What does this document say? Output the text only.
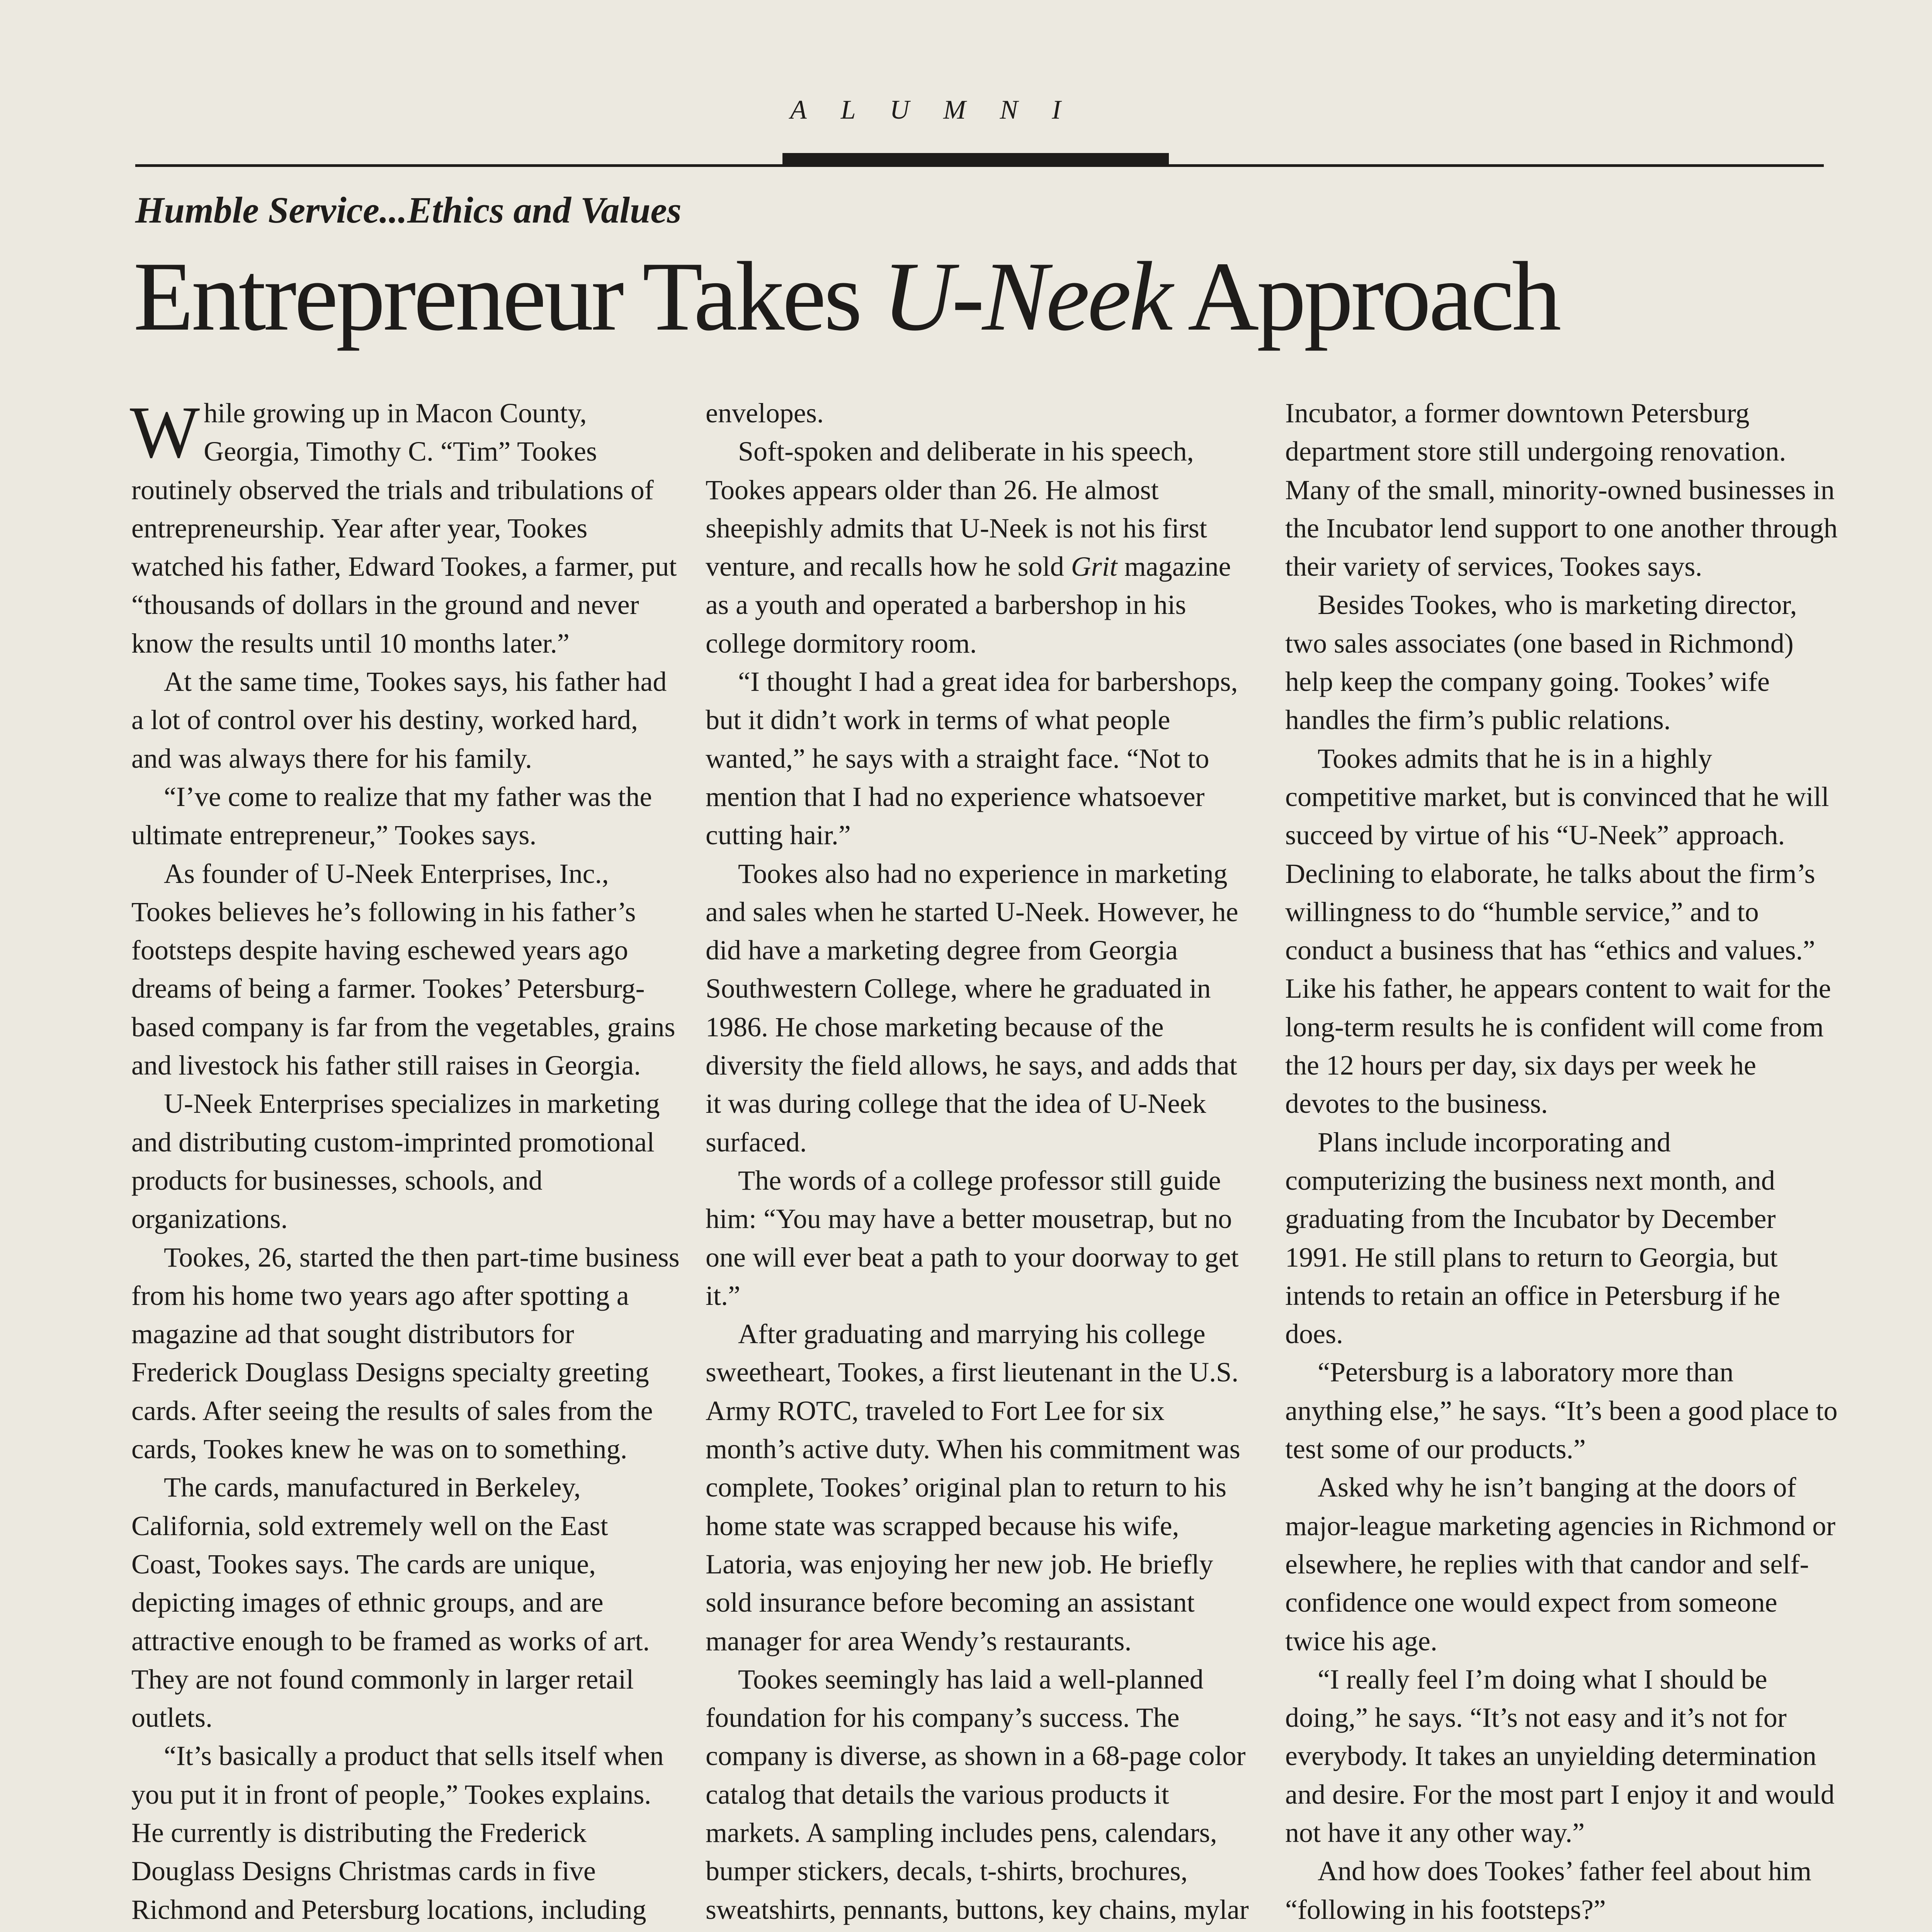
ALUMNI
Humble Service...Ethics and Values
Entrepreneur Takes U-Neek Approach

While growing up in Macon County, Georgia, Timothy C. “Tim” Tookes routinely observed the trials and tribulations of entrepreneurship. Year after year, Tookes watched his father, Edward Tookes, a farmer, put “thousands of dollars in the ground and never know the results until 10 months later.”

At the same time, Tookes says, his father had a lot of control over his destiny, worked hard, and was always there for his family.

“I’ve come to realize that my father was the ultimate entrepreneur,” Tookes says.

As founder of U-Neek Enterprises, Inc., Tookes believes he’s following in his father’s footsteps despite having eschewed years ago dreams of being a farmer. Tookes’ Petersburg-based company is far from the vegetables, grains and livestock his father still raises in Georgia.

U-Neek Enterprises specializes in marketing and distributing custom-imprinted promotional products for businesses, schools, and organizations.

Tookes, 26, started the then part-time business from his home two years ago after spotting a magazine ad that sought distributors for Frederick Douglass Designs specialty greeting cards. After seeing the results of sales from the cards, Tookes knew he was on to something.

The cards, manufactured in Berkeley, California, sold extremely well on the East Coast, Tookes says. The cards are unique, depicting images of ethnic groups, and are attractive enough to be framed as works of art. They are not found commonly in larger retail outlets.

“It’s basically a product that sells itself when you put it in front of people,” Tookes explains. He currently is distributing the Frederick Douglass Designs Christmas cards in five Richmond and Petersburg locations, including

envelopes.

Soft-spoken and deliberate in his speech, Tookes appears older than 26. He almost sheepishly admits that U-Neek is not his first venture, and recalls how he sold Grit magazine as a youth and operated a barbershop in his college dormitory room.

“I thought I had a great idea for barbershops, but it didn’t work in terms of what people wanted,” he says with a straight face. “Not to mention that I had no experience whatsoever cutting hair.”

Tookes also had no experience in marketing and sales when he started U-Neek. However, he did have a marketing degree from Georgia Southwestern College, where he graduated in 1986. He chose marketing because of the diversity the field allows, he says, and adds that it was during college that the idea of U-Neek surfaced.

The words of a college professor still guide him: “You may have a better mousetrap, but no one will ever beat a path to your doorway to get it.”

After graduating and marrying his college sweetheart, Tookes, a first lieutenant in the U.S. Army ROTC, traveled to Fort Lee for six month’s active duty. When his commitment was complete, Tookes’ original plan to return to his home state was scrapped because his wife, Latoria, was enjoying her new job. He briefly sold insurance before becoming an assistant manager for area Wendy’s restaurants.

Tookes seemingly has laid a well-planned foundation for his company’s success. The company is diverse, as shown in a 68-page color catalog that details the various products it markets. A sampling includes pens, calendars, bumper stickers, decals, t-shirts, brochures, sweatshirts, pennants, buttons, key chains, mylar

Incubator, a former downtown Petersburg department store still undergoing renovation. Many of the small, minority-owned businesses in the Incubator lend support to one another through their variety of services, Tookes says.

Besides Tookes, who is marketing director, two sales associates (one based in Richmond) help keep the company going. Tookes’ wife handles the firm’s public relations.

Tookes admits that he is in a highly competitive market, but is convinced that he will succeed by virtue of his “U-Neek” approach. Declining to elaborate, he talks about the firm’s willingness to do “humble service,” and to conduct a business that has “ethics and values.” Like his father, he appears content to wait for the long-term results he is confident will come from the 12 hours per day, six days per week he devotes to the business.

Plans include incorporating and computerizing the business next month, and graduating from the Incubator by December 1991. He still plans to return to Georgia, but intends to retain an office in Petersburg if he does.

“Petersburg is a laboratory more than anything else,” he says. “It’s been a good place to test some of our products.”

Asked why he isn’t banging at the doors of major-league marketing agencies in Richmond or elsewhere, he replies with that candor and self-confidence one would expect from someone twice his age.

“I really feel I’m doing what I should be doing,” he says. “It’s not easy and it’s not for everybody. It takes an unyielding determination and desire. For the most part I enjoy it and would not have it any other way.”

And how does Tookes’ father feel about him “following in his footsteps?”
